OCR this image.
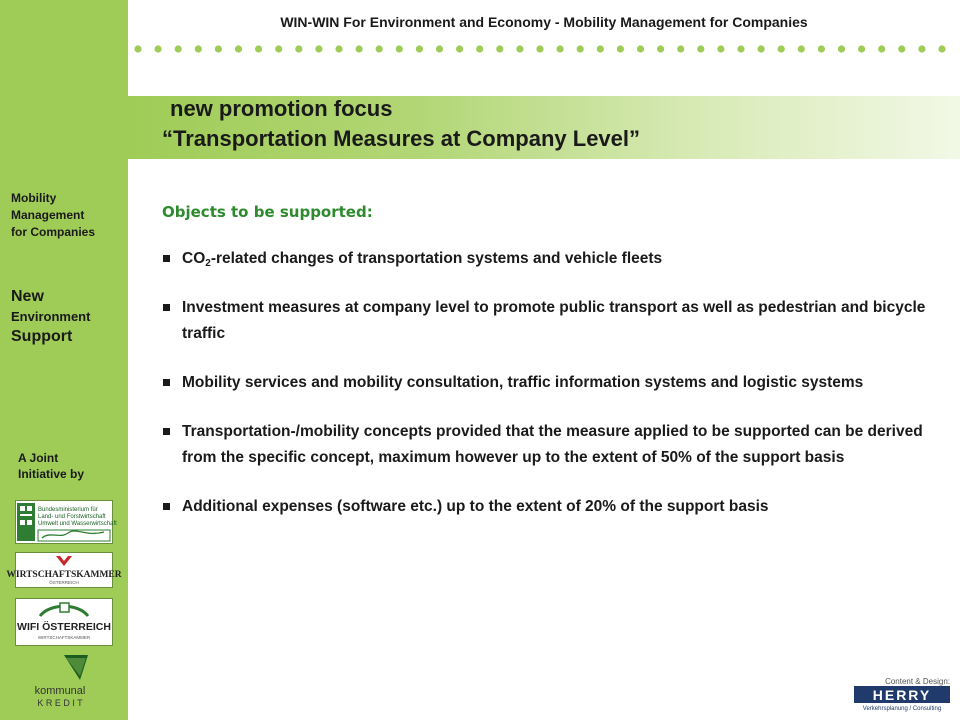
Mobility
Management
for Companies
New
Environment
Support
A Joint
Initiative by
Bundesministerium für
Land- und Forstwirtschaft
Umwelt und Wasserwirtschaft
WIRTSCHAFTSKAMMER
ÖSTERREICH
WIFI ÖSTERREICH
WIRTSCHAFTSKAMMER
kommunal
K R E D I T
WIN-WIN For Environment and Economy - Mobility Management for Companies
new promotion focus
“Transportation Measures at Company Level”
Objects to be supported:
$CO_2$-related changes of transportation systems and vehicle fleets
Investment measures at company level to promote public transport as well as pedestrian and bicycle traffic
Mobility services and mobility consultation, traffic information systems and logistic systems
Transportation-/mobility concepts provided that the measure applied to be supported can be derived from the specific concept, maximum however up to the extent of 50% of the support basis
Additional expenses (software etc.) up to the extent of 20% of the support basis
Content & Design:
HERRY
Verkehrsplanung / Consulting
